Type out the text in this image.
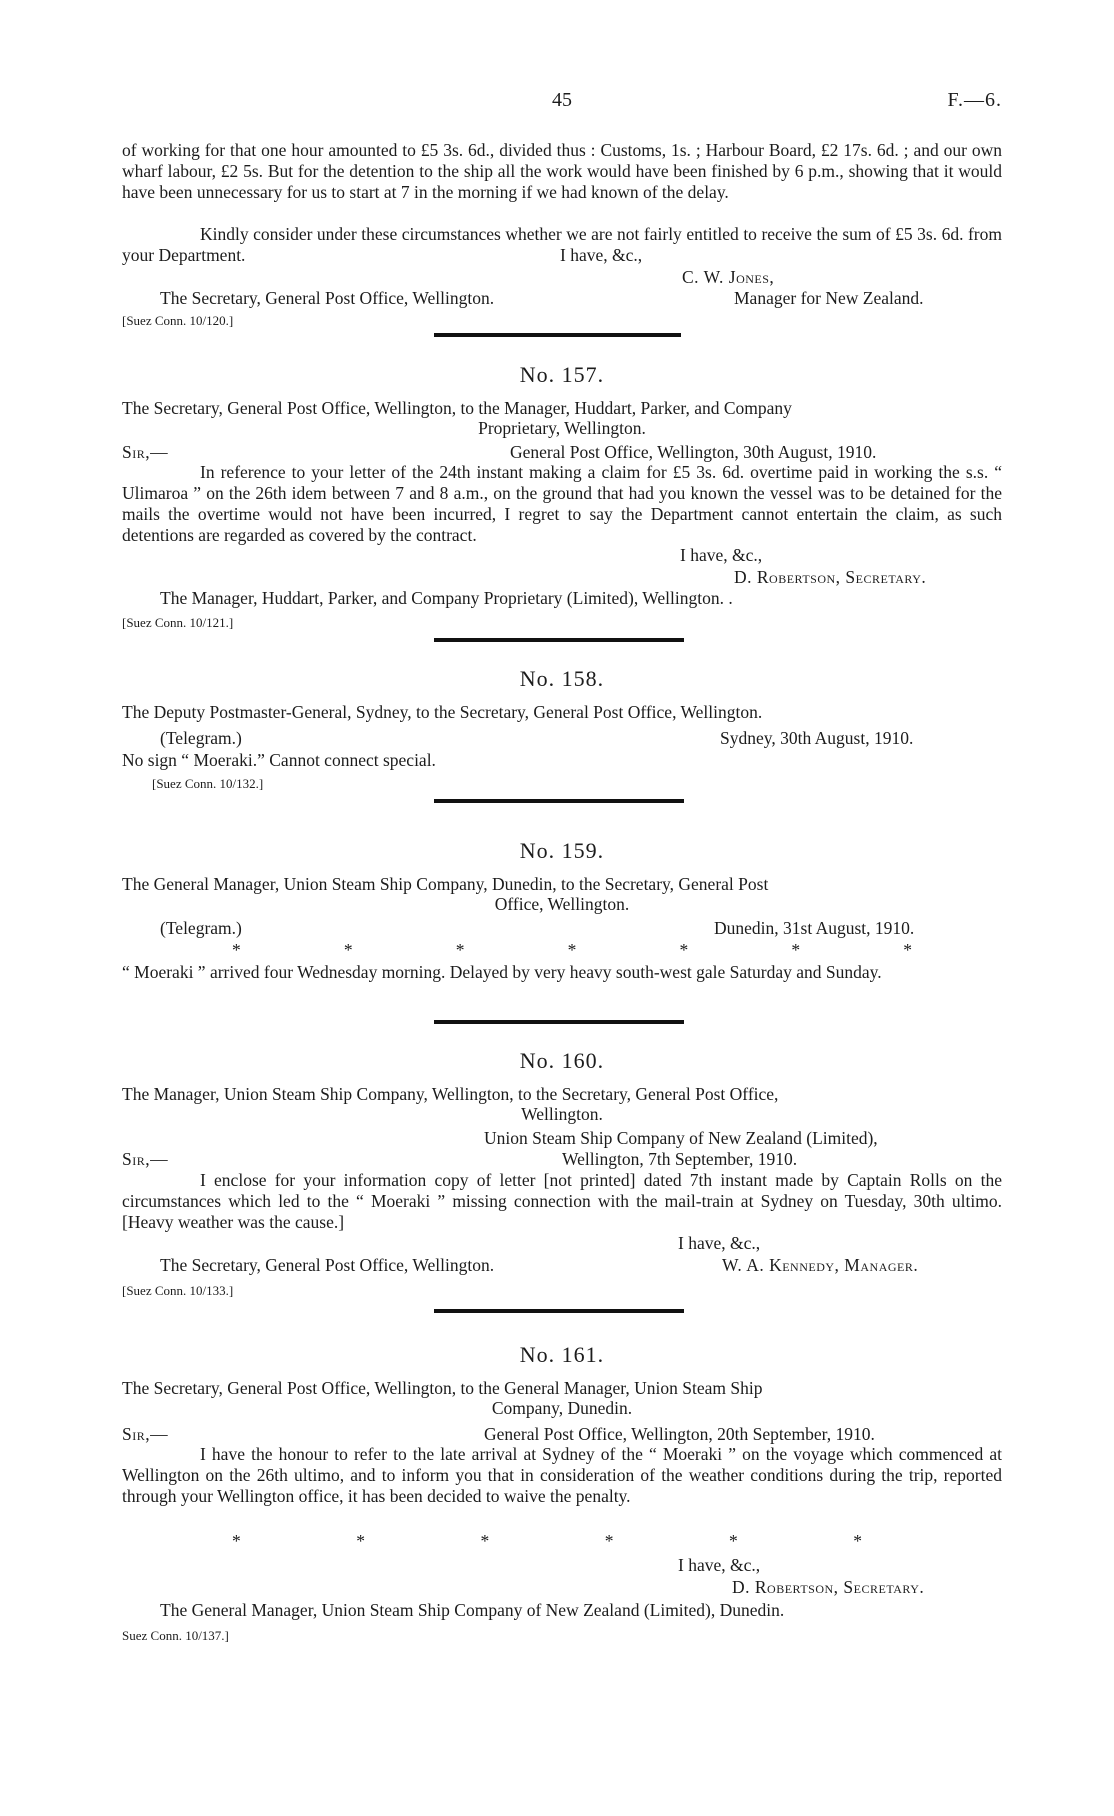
45	F.—6.
of working for that one hour amounted to £5 3s. 6d., divided thus : Customs, 1s. ; Harbour Board, £2 17s. 6d. ; and our own wharf labour, £2 5s. But for the detention to the ship all the work would have been finished by 6 p.m., showing that it would have been unnecessary for us to start at 7 in the morning if we had known of the delay.
Kindly consider under these circumstances whether we are not fairly entitled to receive the sum of £5 3s. 6d. from your Department.	I have, &c.,
C. W. Jones,
The Secretary, General Post Office, Wellington.	Manager for New Zealand.
[Suez Conn. 10/120.]
No. 157.
The Secretary, General Post Office, Wellington, to the Manager, Huddart, Parker, and Company
Proprietary, Wellington.
Sir,—	General Post Office, Wellington, 30th August, 1910.
In reference to your letter of the 24th instant making a claim for £5 3s. 6d. overtime paid in working the s.s. “ Ulimaroa ” on the 26th idem between 7 and 8 a.m., on the ground that had you known the vessel was to be detained for the mails the overtime would not have been incurred, I regret to say the Department cannot entertain the claim, as such detentions are regarded as covered by the contract.
I have, &c.,
D. Robertson, Secretary.
The Manager, Huddart, Parker, and Company Proprietary (Limited), Wellington. .
[Suez Conn. 10/121.]
No. 158.
The Deputy Postmaster-General, Sydney, to the Secretary, General Post Office, Wellington.
(Telegram.)	Sydney, 30th August, 1910.
No sign “ Moeraki.” Cannot connect special.
[Suez Conn. 10/132.]
No. 159.
The General Manager, Union Steam Ship Company, Dunedin, to the Secretary, General Post
Office, Wellington.
(Telegram.)	Dunedin, 31st August, 1910.
*	*	*	*	*	*	*
“ Moeraki ” arrived four Wednesday morning. Delayed by very heavy south-west gale Saturday and Sunday.
No. 160.
The Manager, Union Steam Ship Company, Wellington, to the Secretary, General Post Office,
Wellington.
Union Steam Ship Company of New Zealand (Limited),
Sir,—	Wellington, 7th September, 1910.
I enclose for your information copy of letter [not printed] dated 7th instant made by Captain Rolls on the circumstances which led to the “ Moeraki ” missing connection with the mail-train at Sydney on Tuesday, 30th ultimo. [Heavy weather was the cause.]
I have, &c.,
The Secretary, General Post Office, Wellington.	W. A. Kennedy, Manager.
[Suez Conn. 10/133.]
No. 161.
The Secretary, General Post Office, Wellington, to the General Manager, Union Steam Ship
Company, Dunedin.
Sir,—	General Post Office, Wellington, 20th September, 1910.
I have the honour to refer to the late arrival at Sydney of the “ Moeraki ” on the voyage which commenced at Wellington on the 26th ultimo, and to inform you that in consideration of the weather conditions during the trip, reported through your Wellington office, it has been decided to waive the penalty.
*	*	*	*	*	*
I have, &c.,
D. Robertson, Secretary.
The General Manager, Union Steam Ship Company of New Zealand (Limited), Dunedin.
Suez Conn. 10/137.]
